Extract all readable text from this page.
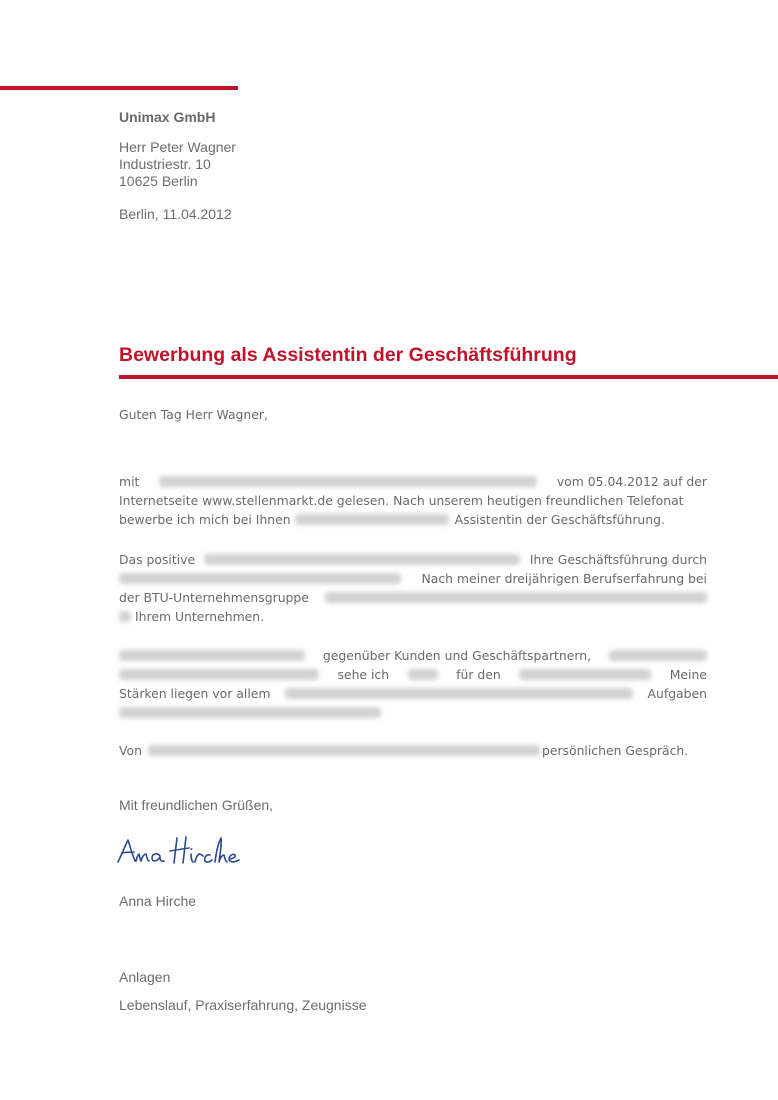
Unimax GmbH
Herr Peter Wagner
Industriestr. 10
10625 Berlin
Berlin, 11.04.2012
Bewerbung als Assistentin der Geschäftsführung
Guten Tag Herr Wagner,
mit	vom 05.04.2012 auf der
Internetseite www.stellenmarkt.de gelesen. Nach unserem heutigen freundlichen Telefonat
bewerbe ich mich bei Ihnen	Assistentin der Geschäftsführung.
Das positive	Ihre Geschäftsführung durch
Nach meiner dreijährigen Berufserfahrung bei
der BTU-Unternehmensgruppe
Ihrem Unternehmen.
gegenüber Kunden und Geschäftspartnern,
sehe ich	für den	Meine
Stärken liegen vor allem	Aufgaben
Von	persönlichen Gespräch.
Mit freundlichen Grüßen,
Anna Hirche
Anlagen
Lebenslauf, Praxiserfahrung, Zeugnisse
